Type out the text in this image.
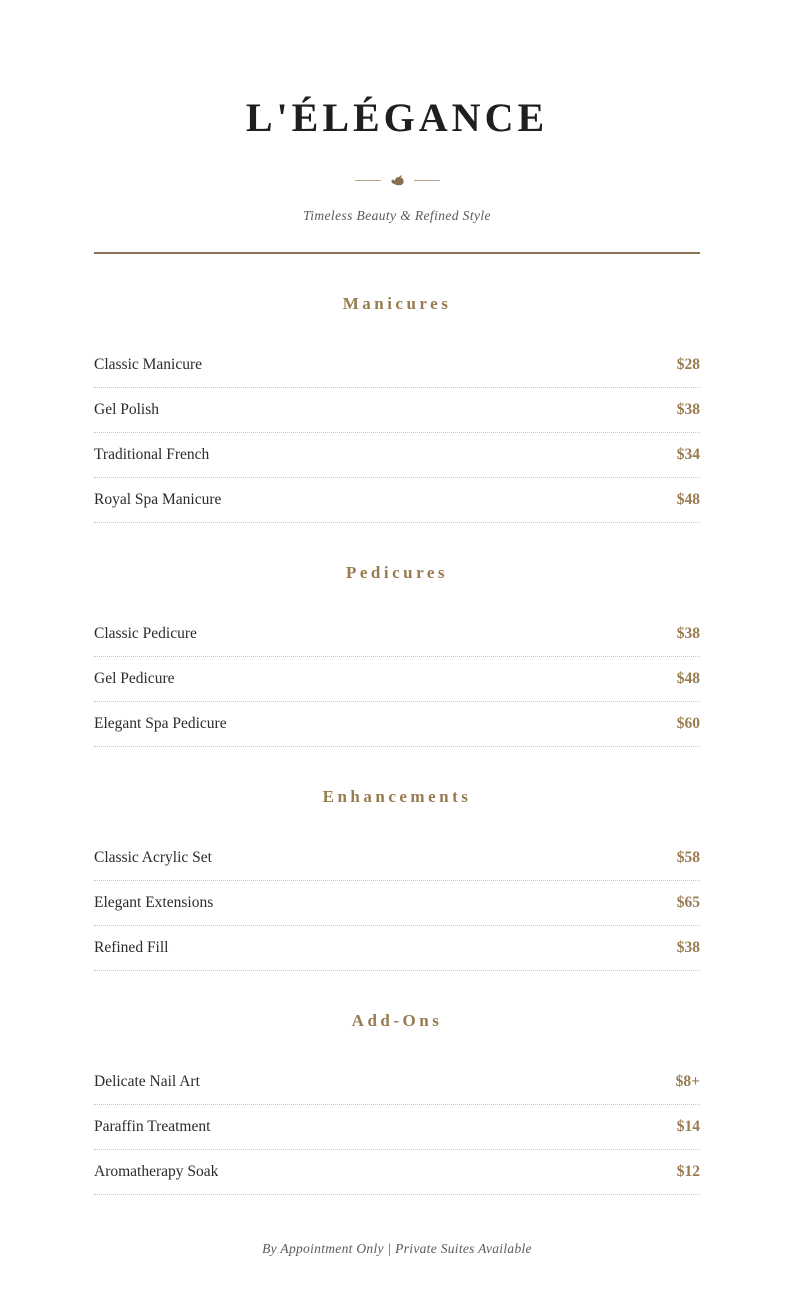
L'ÉLÉGANCE

Timeless Beauty & Refined Style

Manicures
Classic Manicure	$28
Gel Polish	$38
Traditional French	$34
Royal Spa Manicure	$48
Pedicures
Classic Pedicure	$38
Gel Pedicure	$48
Elegant Spa Pedicure	$60
Enhancements
Classic Acrylic Set	$58
Elegant Extensions	$65
Refined Fill	$38
Add-Ons
Delicate Nail Art	$8+
Paraffin Treatment	$14
Aromatherapy Soak	$12

By Appointment Only | Private Suites Available
